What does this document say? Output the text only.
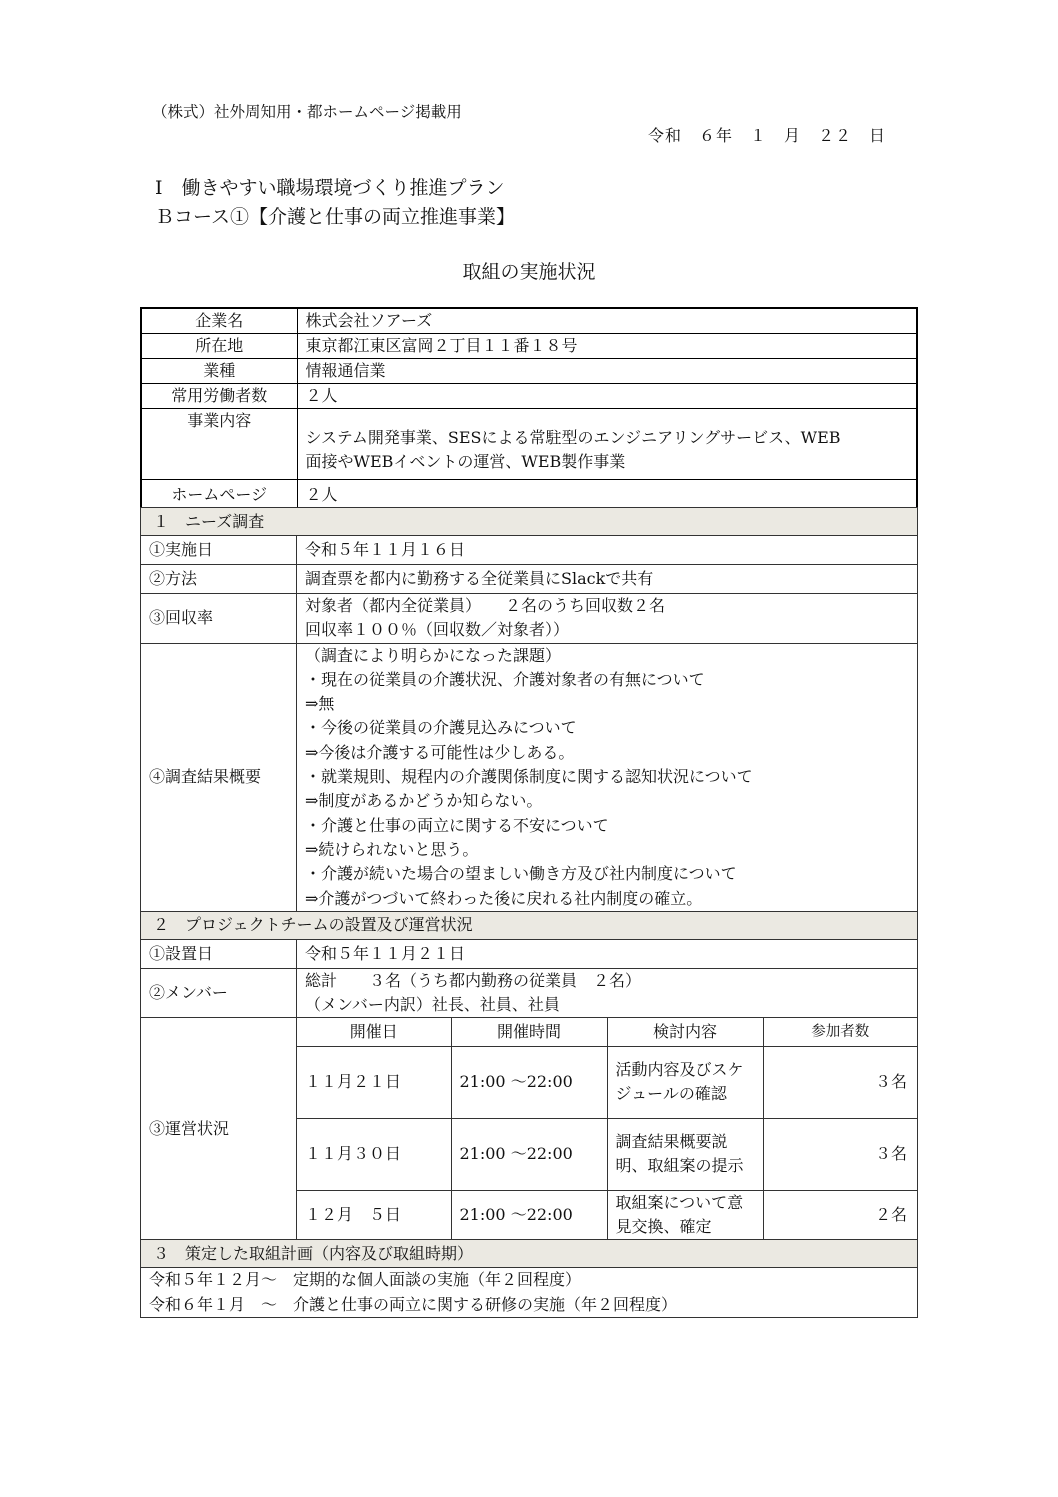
（株式）社外周知用・都ホームページ掲載用
令和　６年　１　月　２２　日
Ⅰ　働きやすい職場環境づくり推進プラン
Ｂコース①【介護と仕事の両立推進事業】
取組の実施状況
企業名	株式会社ソアーズ
所在地	東京都江東区富岡２丁目１１番１８号
業種	情報通信業
常用労働者数	２人
事業内容	システム開発事業、SESによる常駐型のエンジニアリングサービス、WEB
面接やWEBイベントの運営、WEB製作事業

ホームページ	２人
１　ニーズ調査
①実施日	令和５年１１月１６日
②方法	調査票を都内に勤務する全従業員にSlackで共有
③回収率	
対象者（都内全従業員）　　２名のうち回収数２名
回収率１００％（回収数／対象者））

④調査結果概要	
（調査により明らかになった課題）
・現在の従業員の介護状況、介護対象者の有無について
⇒無
・今後の従業員の介護見込みについて
⇒今後は介護する可能性は少しある。
・就業規則、規程内の介護関係制度に関する認知状況について
⇒制度があるかどうか知らない。
・介護と仕事の両立に関する不安について
⇒続けられないと思う。
・介護が続いた場合の望ましい働き方及び社内制度について
⇒介護がつづいて終わった後に戻れる社内制度の確立。

２　プロジェクトチームの設置及び運営状況
①設置日	令和５年１１月２１日
②メンバー	
総計　　３名（うち都内勤務の従業員　２名）
（メンバー内訳）社長、社員、社員

③運営状況	
開催日	開催時間	検討内容	参加者数
１１月２１日	21:00 ～22:00	活動内容及びスケジュールの確認	３名
１１月３０日	21:00 ～22:00	調査結果概要説明、取組案の提示	３名
１２月　５日	21:00 ～22:00	取組案について意見交換、確定	２名

３　策定した取組計画（内容及び取組時期）

令和５年１２月～　定期的な個人面談の実施（年２回程度）
令和６年１月　～　介護と仕事の両立に関する研修の実施（年２回程度）
